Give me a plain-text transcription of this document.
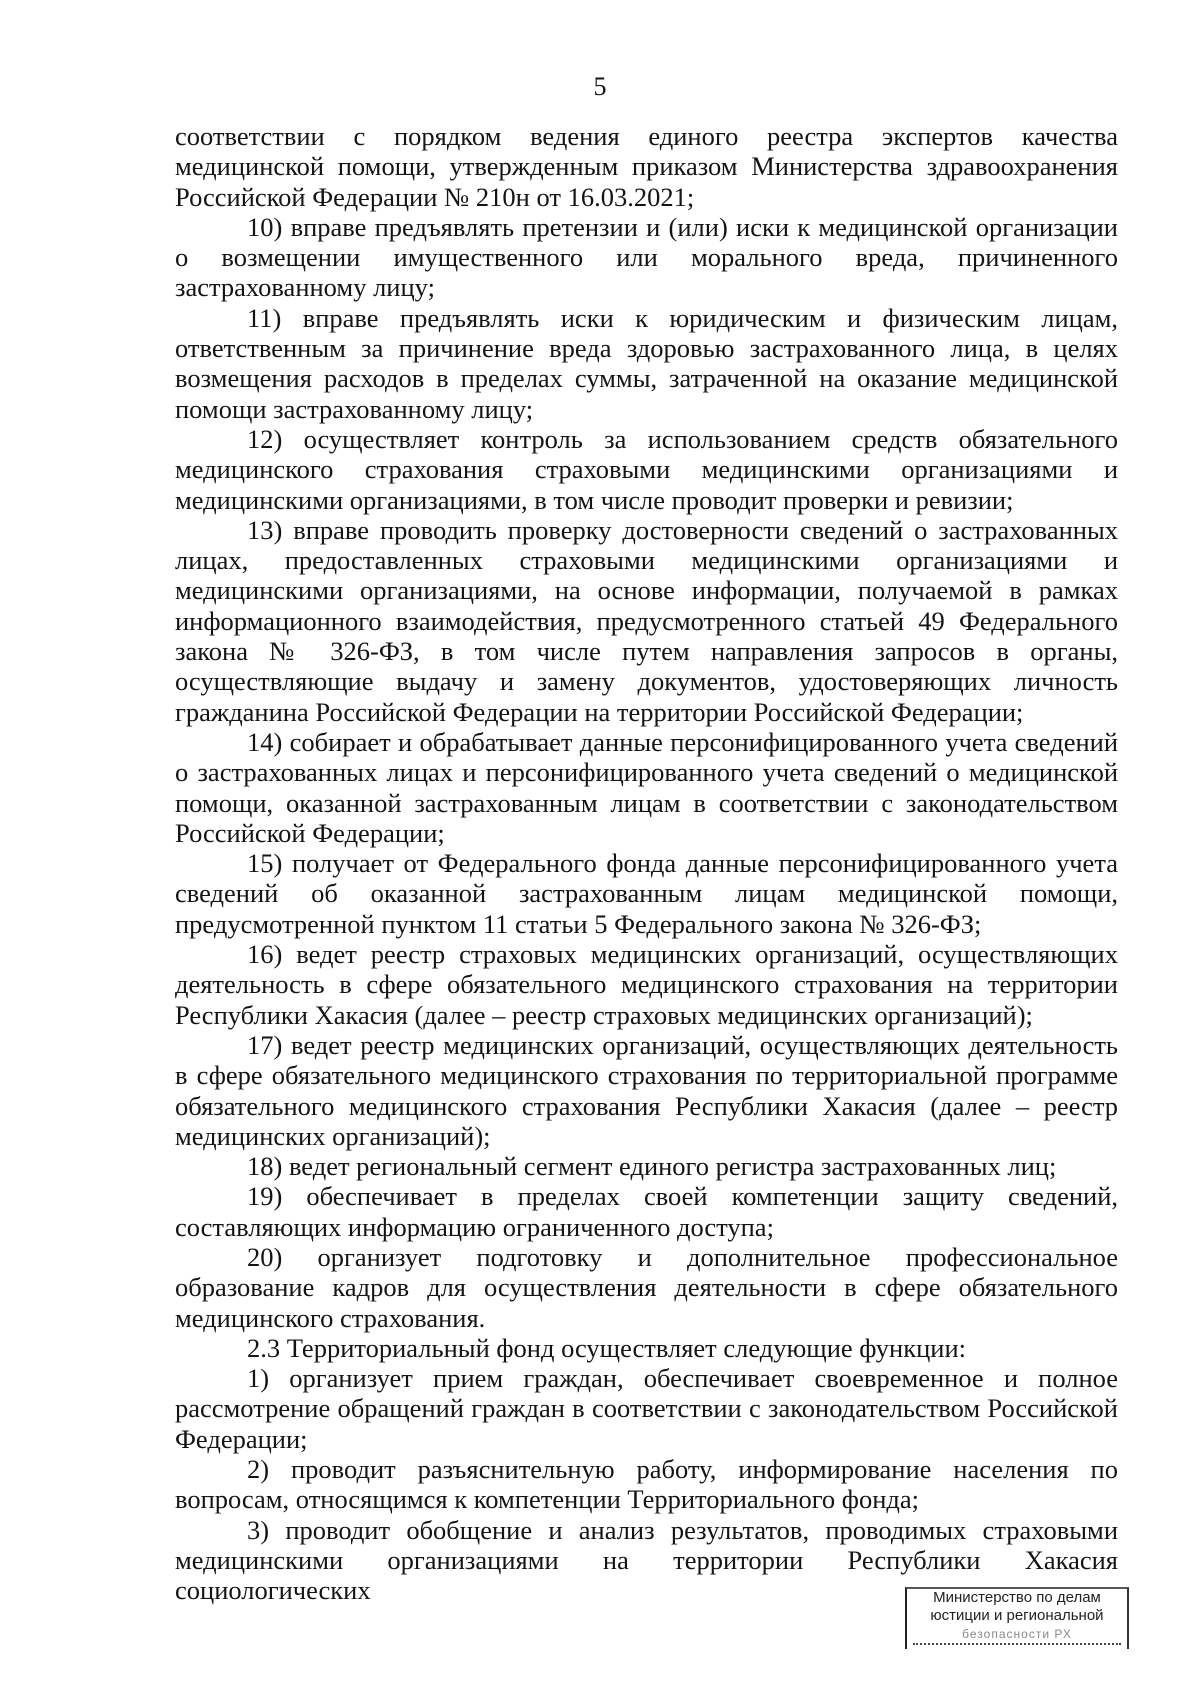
5

соответствии с порядком ведения единого реестра экспертов качества медицинской помощи, утвержденным приказом Министерства здравоохранения Российской Федерации № 210н от 16.03.2021;

10) вправе предъявлять претензии и (или) иски к медицинской организации о возмещении имущественного или морального вреда, причиненного застрахованному лицу;

11) вправе предъявлять иски к юридическим и физическим лицам, ответственным за причинение вреда здоровью застрахованного лица, в целях возмещения расходов в пределах суммы, затраченной на оказание медицинской помощи застрахованному лицу;

12) осуществляет контроль за использованием средств обязательного медицинского страхования страховыми медицинскими организациями и медицинскими организациями, в том числе проводит проверки и ревизии;

13) вправе проводить проверку достоверности сведений о застрахованных лицах, предоставленных страховыми медицинскими организациями и медицинскими организациями, на основе информации, получаемой в рамках информационного взаимодействия, предусмотренного статьей 49 Федерального закона № 326-ФЗ, в том числе путем направления запросов в органы, осуществляющие выдачу и замену документов, удостоверяющих личность гражданина Российской Федерации на территории Российской Федерации;

14) собирает и обрабатывает данные персонифицированного учета сведений о застрахованных лицах и персонифицированного учета сведений о медицинской помощи, оказанной застрахованным лицам в соответствии с законодательством Российской Федерации;

15) получает от Федерального фонда данные персонифицированного учета сведений об оказанной застрахованным лицам медицинской помощи, предусмотренной пунктом 11 статьи 5 Федерального закона № 326-ФЗ;

16) ведет реестр страховых медицинских организаций, осуществляющих деятельность в сфере обязательного медицинского страхования на территории Республики Хакасия (далее – реестр страховых медицинских организаций);

17) ведет реестр медицинских организаций, осуществляющих деятельность в сфере обязательного медицинского страхования по территориальной программе обязательного медицинского страхования Республики Хакасия (далее – реестр медицинских организаций);

18) ведет региональный сегмент единого регистра застрахованных лиц;

19) обеспечивает в пределах своей компетенции защиту сведений, составляющих информацию ограниченного доступа;

20) организует подготовку и дополнительное профессиональное образование кадров для осуществления деятельности в сфере обязательного медицинского страхования.

2.3 Территориальный фонд осуществляет следующие функции:

1) организует прием граждан, обеспечивает своевременное и полное рассмотрение обращений граждан в соответствии с законодательством Российской Федерации;

2) проводит разъяснительную работу, информирование населения по вопросам, относящимся к компетенции Территориального фонда;

3) проводит обобщение и анализ результатов, проводимых страховыми медицинскими организациями на территории Республики Хакасия социологических	Министерство по делам
юстиции и региональной
безопасности РХ
